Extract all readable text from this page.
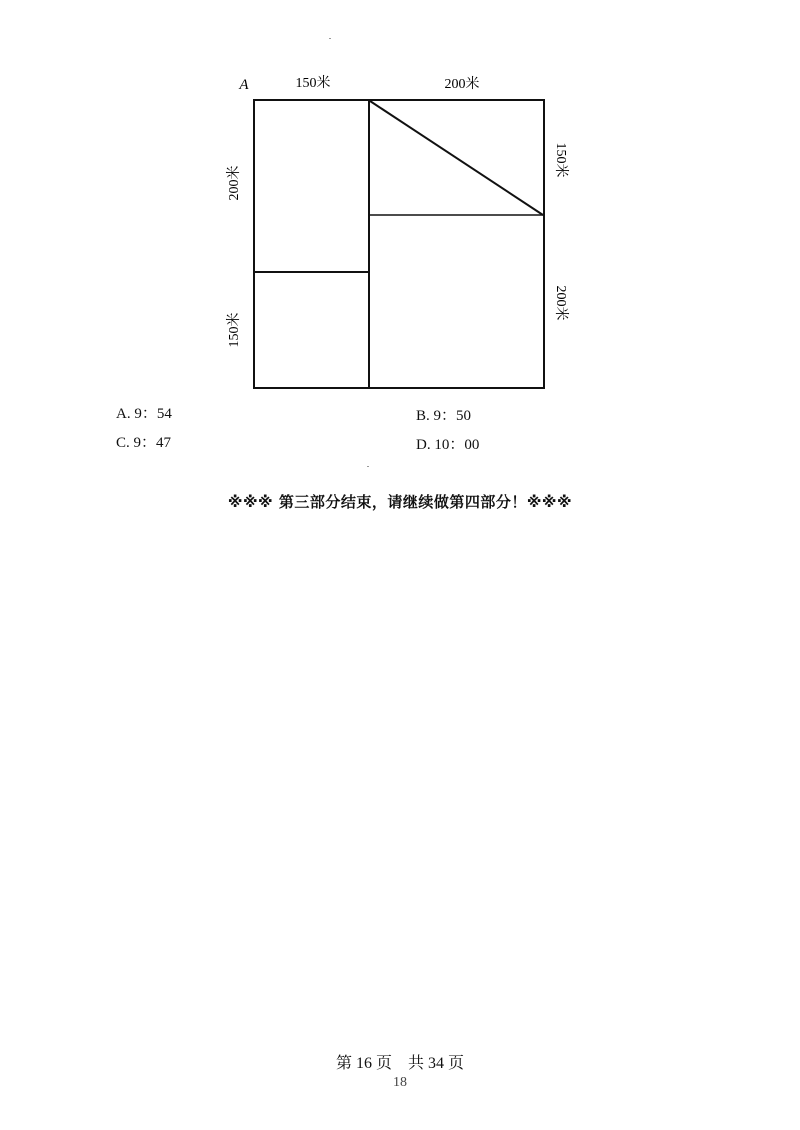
A	150米	200米
200米
150米
150米
200米
A. 9：54	B. 9：50
C. 9：47	D. 10：00
※※※ 第三部分结束，请继续做第四部分！※※※
第 16 页　共 34 页
18
